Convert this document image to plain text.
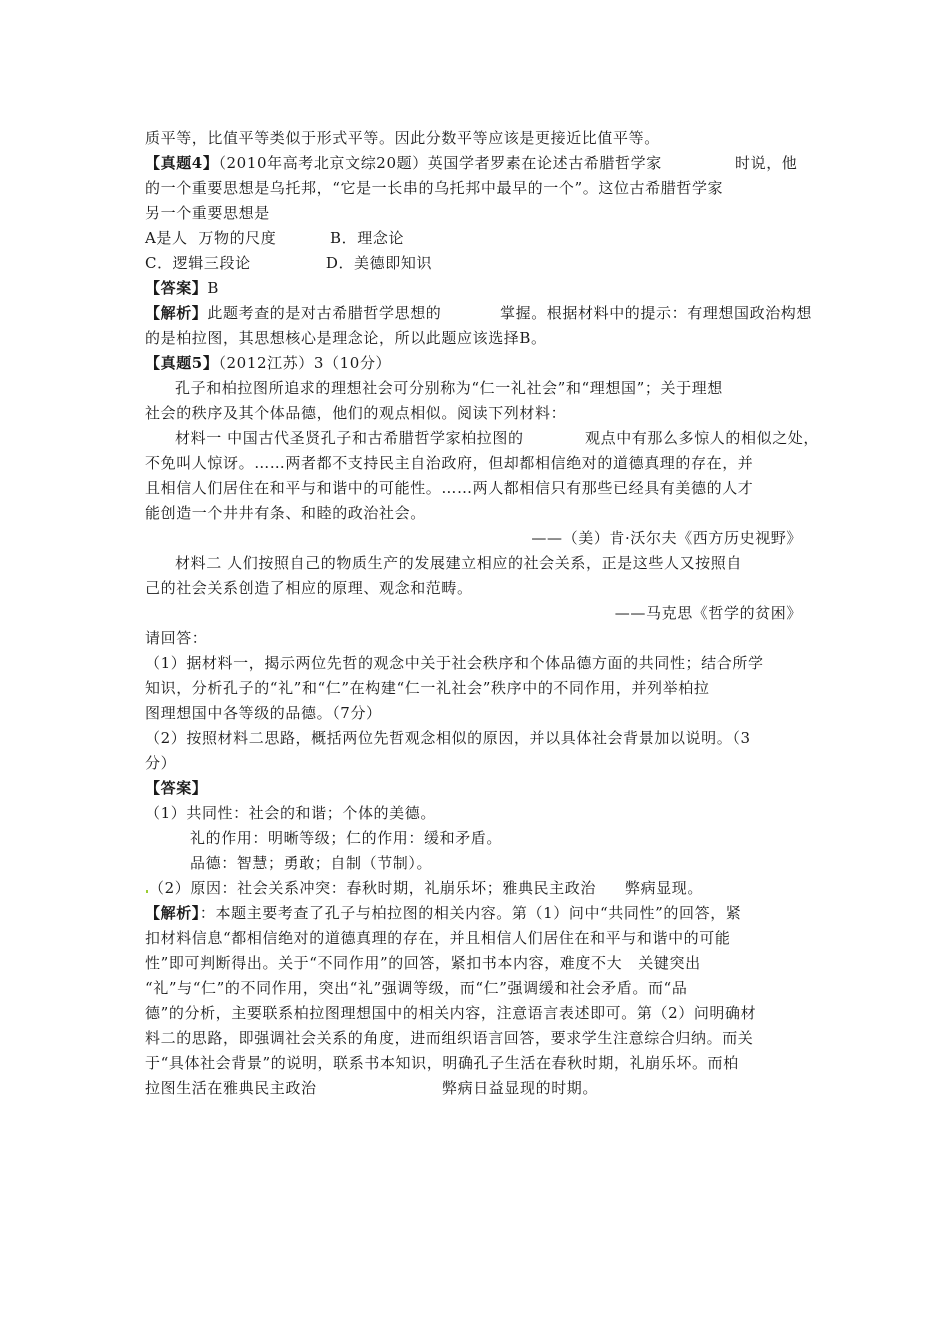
质平等，比值平等类似于形式平等。因此分数平等应该是更接近比值平等。
【真题4】（2010年高考北京文综20题）英国学者罗素在论述古希腊哲学家	时说，他
的一个重要思想是乌托邦，“它是一长串的乌托邦中最早的一个”。这位古希腊哲学家
另一个重要思想是
A是人  万物的尺度          B．理念论
C．逻辑三段论              D．美德即知识
【答案】B
【解析】此题考查的是对古希腊哲学思想的	掌握。根据材料中的提示：有理想国政治构想
的是柏拉图，其思想核心是理念论，所以此题应该选择B。
【真题5】（2012江苏）3（10分）
孔子和柏拉图所追求的理想社会可分别称为“仁一礼社会”和“理想国”；关于理想
社会的秩序及其个体品德，他们的观点相似。阅读下列材料：
材料一 中国古代圣贤孔子和古希腊哲学家柏拉图的	观点中有那么多惊人的相似之处，
不免叫人惊讶。……两者都不支持民主自治政府，但却都相信绝对的道德真理的存在，并
且相信人们居住在和平与和谐中的可能性。……两人都相信只有那些已经具有美德的人才
能创造一个井井有条、和睦的政治社会。
——（美）肯·沃尔夫《西方历史视野》
材料二 人们按照自己的物质生产的发展建立相应的社会关系，正是这些人又按照自
己的社会关系创造了相应的原理、观念和范畴。
——马克思《哲学的贫困》
请回答：
（1）据材料一，揭示两位先哲的观念中关于社会秩序和个体品德方面的共同性；结合所学
知识，分析孔子的“礼”和“仁”在构建“仁一礼社会”秩序中的不同作用，并列举柏拉
图理想国中各等级的品德。（7分）
（2）按照材料二思路，概括两位先哲观念相似的原因，并以具体社会背景加以说明。（3
分）
【答案】
（1）共同性：社会的和谐；个体的美德。
礼的作用：明晰等级；仁的作用：缓和矛盾。
品德：智慧；勇敢；自制（节制）。
（2）原因：社会关系冲突：春秋时期，礼崩乐坏；雅典民主政治 弊病显现。
【解析】：本题主要考查了孔子与柏拉图的相关内容。第（1）问中“共同性”的回答，紧
扣材料信息“都相信绝对的道德真理的存在，并且相信人们居住在和平与和谐中的可能
性”即可判断得出。关于“不同作用”的回答，紧扣书本内容，难度不大   关键突出
“礼”与“仁”的不同作用，突出“礼”强调等级，而“仁”强调缓和社会矛盾。而“品
德”的分析，主要联系柏拉图理想国中的相关内容，注意语言表述即可。第（2）问明确材
料二的思路，即强调社会关系的角度，进而组织语言回答，要求学生注意综合归纳。而关
于“具体社会背景”的说明，联系书本知识，明确孔子生活在春秋时期，礼崩乐坏。而柏
拉图生活在雅典民主政治	弊病日益显现的时期。
